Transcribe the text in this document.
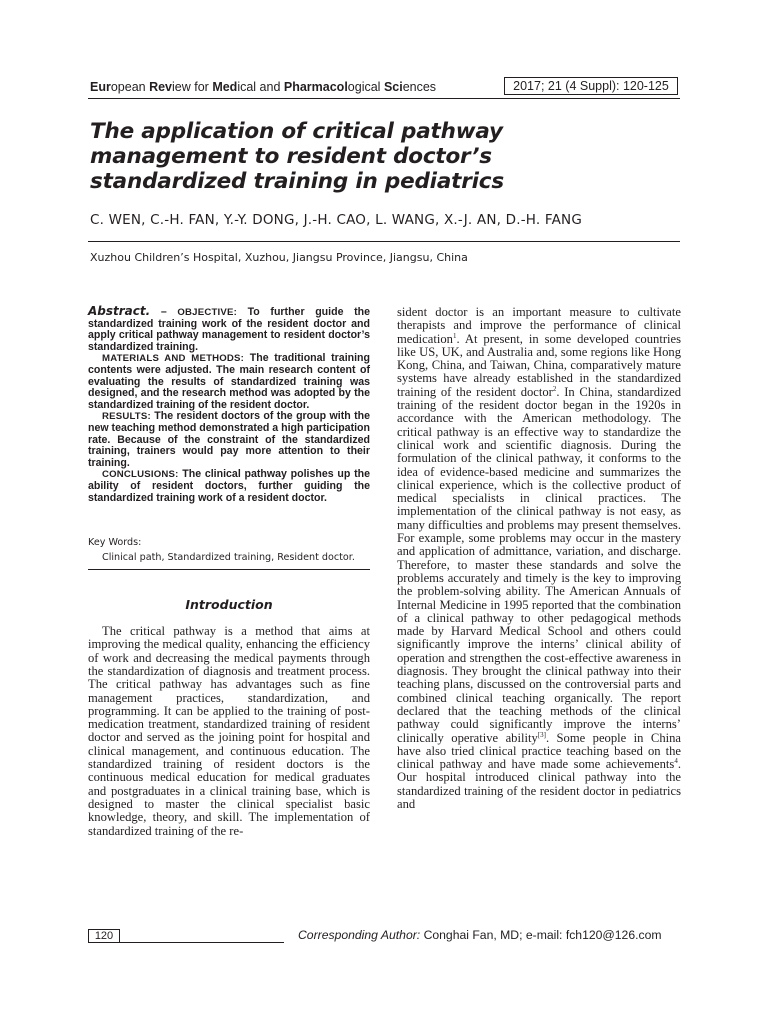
European Review for Medical and Pharmacological Sciences	2017; 21 (4 Suppl): 120-125
The application of critical pathway management to resident doctor’s standardized training in pediatrics

C. WEN, C.-H. FAN, Y.-Y. DONG, J.-H. CAO, L. WANG, X.-J. AN, D.-H. FANG

Xuzhou Children’s Hospital, Xuzhou, Jiangsu Province, Jiangsu, China

Abstract. – OBJECTIVE: To further guide the standardized training work of the resident doctor and apply critical pathway management to resident doctor’s standardized training.

MATERIALS AND METHODS: The traditional training contents were adjusted. The main research content of evaluating the results of standardized training was designed, and the research method was adopted by the standardized training of the resident doctor.

RESULTS: The resident doctors of the group with the new teaching method demonstrated a high participation rate. Because of the constraint of the standardized training, trainers would pay more attention to their training.

CONCLUSIONS: The clinical pathway polishes up the ability of resident doctors, further guiding the standardized training work of a resident doctor.

Key Words:

Clinical path, Standardized training, Resident doctor.

Introduction

The critical pathway is a method that aims at improving the medical quality, enhancing the efficiency of work and decreasing the medical payments through the standardization of diagnosis and treatment process. The critical pathway has advantages such as fine management practices, standardization, and programming. It can be applied to the training of post-medication treatment, standardized training of resident doctor and served as the joining point for hospital and clinical management, and continuous education. The standardized training of resident doctors is the continuous medical education for medical graduates and postgraduates in a clinical training base, which is designed to master the clinical specialist basic knowledge, theory, and skill. The implementation of standardized training of the re-

sident doctor is an important measure to cultivate therapists and improve the performance of clinical medication$^1$. At present, in some developed countries like US, UK, and Australia and, some regions like Hong Kong, China, and Taiwan, China, comparatively mature systems have already established in the standardized training of the resident doctor$^2$. In China, standardized training of the resident doctor began in the 1920s in accordance with the American methodology. The critical pathway is an effective way to standardize the clinical work and scientific diagnosis. During the formulation of the clinical pathway, it conforms to the idea of evidence-based medicine and summarizes the clinical experience, which is the collective product of medical specialists in clinical practices. The implementation of the clinical pathway is not easy, as many difficulties and problems may present themselves. For example, some problems may occur in the mastery and application of admittance, variation, and discharge. Therefore, to master these standards and solve the problems accurately and timely is the key to improving the problem-solving ability. The American Annuals of Internal Medicine in 1995 reported that the combination of a clinical pathway to other pedagogical methods made by Harvard Medical School and others could significantly improve the interns’ clinical ability of operation and strengthen the cost-effective awareness in diagnosis. They brought the clinical pathway into their teaching plans, discussed on the controversial parts and combined clinical teaching organically. The report declared that the teaching methods of the clinical pathway could significantly improve the interns’ clinically operative ability[3]. Some people in China have also tried clinical practice teaching based on the clinical pathway and have made some achievements$^4$. Our hospital introduced clinical pathway into the standardized training of the resident doctor in pediatrics and

120	Corresponding Author: Conghai Fan, MD; e-mail: fch120@126.com
